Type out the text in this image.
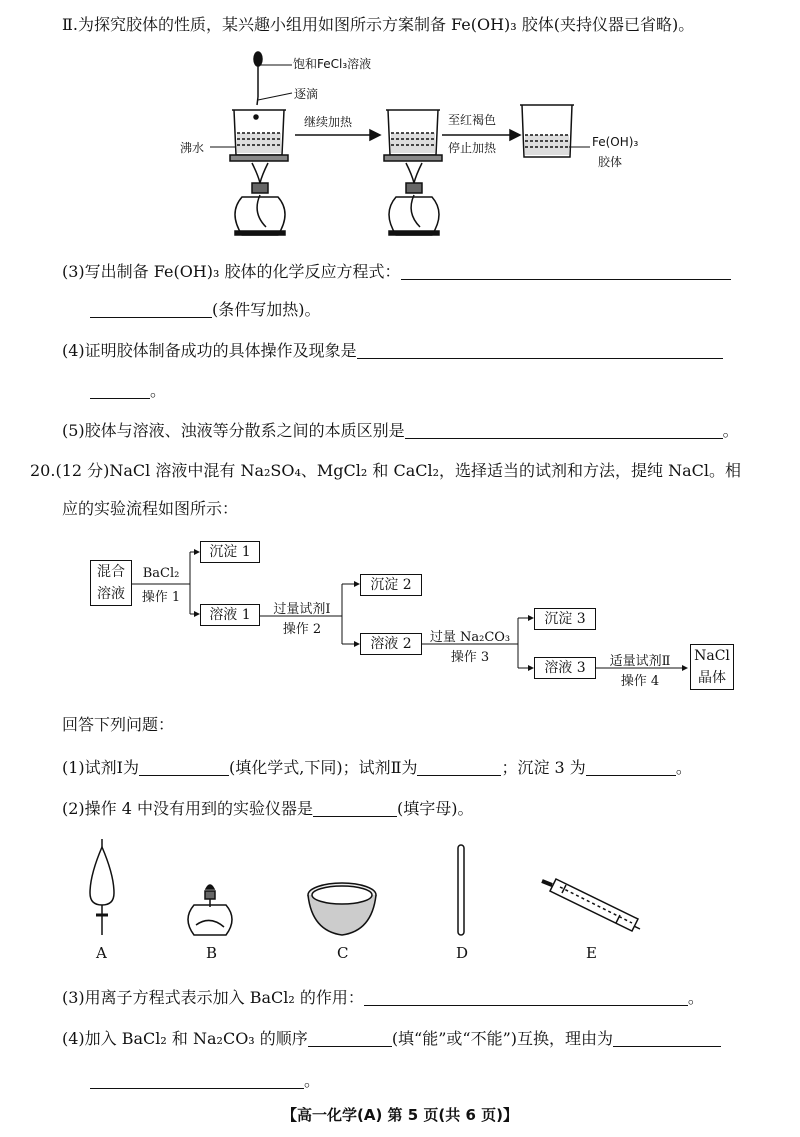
Ⅱ.为探究胶体的性质，某兴趣小组用如图所示方案制备 Fe(OH)₃ 胶体(夹持仪器已省略)。
饱和FeCl₃溶液
逐滴
沸水
继续加热	至红褐色
停止加热	Fe(OH)₃
胶体
(3)写出制备 Fe(OH)₃ 胶体的化学反应方程式：
(条件写加热)。
(4)证明胶体制备成功的具体操作及现象是
。
(5)胶体与溶液、浊液等分散系之间的本质区别是	。
20.(12 分)NaCl 溶液中混有 Na₂SO₄、MgCl₂ 和 CaCl₂，选择适当的试剂和方法，提纯 NaCl。相
应的实验流程如图所示：
混合
溶液
BaCl₂
操作 1
沉淀 1
溶液 1	过量试剂Ⅰ
操作 2
沉淀 2
溶液 2	过量 Na₂CO₃
操作 3
沉淀 3
溶液 3	适量试剂Ⅱ
操作 4
NaCl
晶体
回答下列问题：
(1)试剂Ⅰ为	(填化学式,下同)；试剂Ⅱ为	；沉淀 3 为	。
(2)操作 4 中没有用到的实验仪器是	(填字母)。
A	B	C	D	E
(3)用离子方程式表示加入 BaCl₂ 的作用：	。
(4)加入 BaCl₂ 和 Na₂CO₃ 的顺序	(填“能”或“不能”)互换，理由为
。
【高一化学(A) 第 5 页(共 6 页)】
